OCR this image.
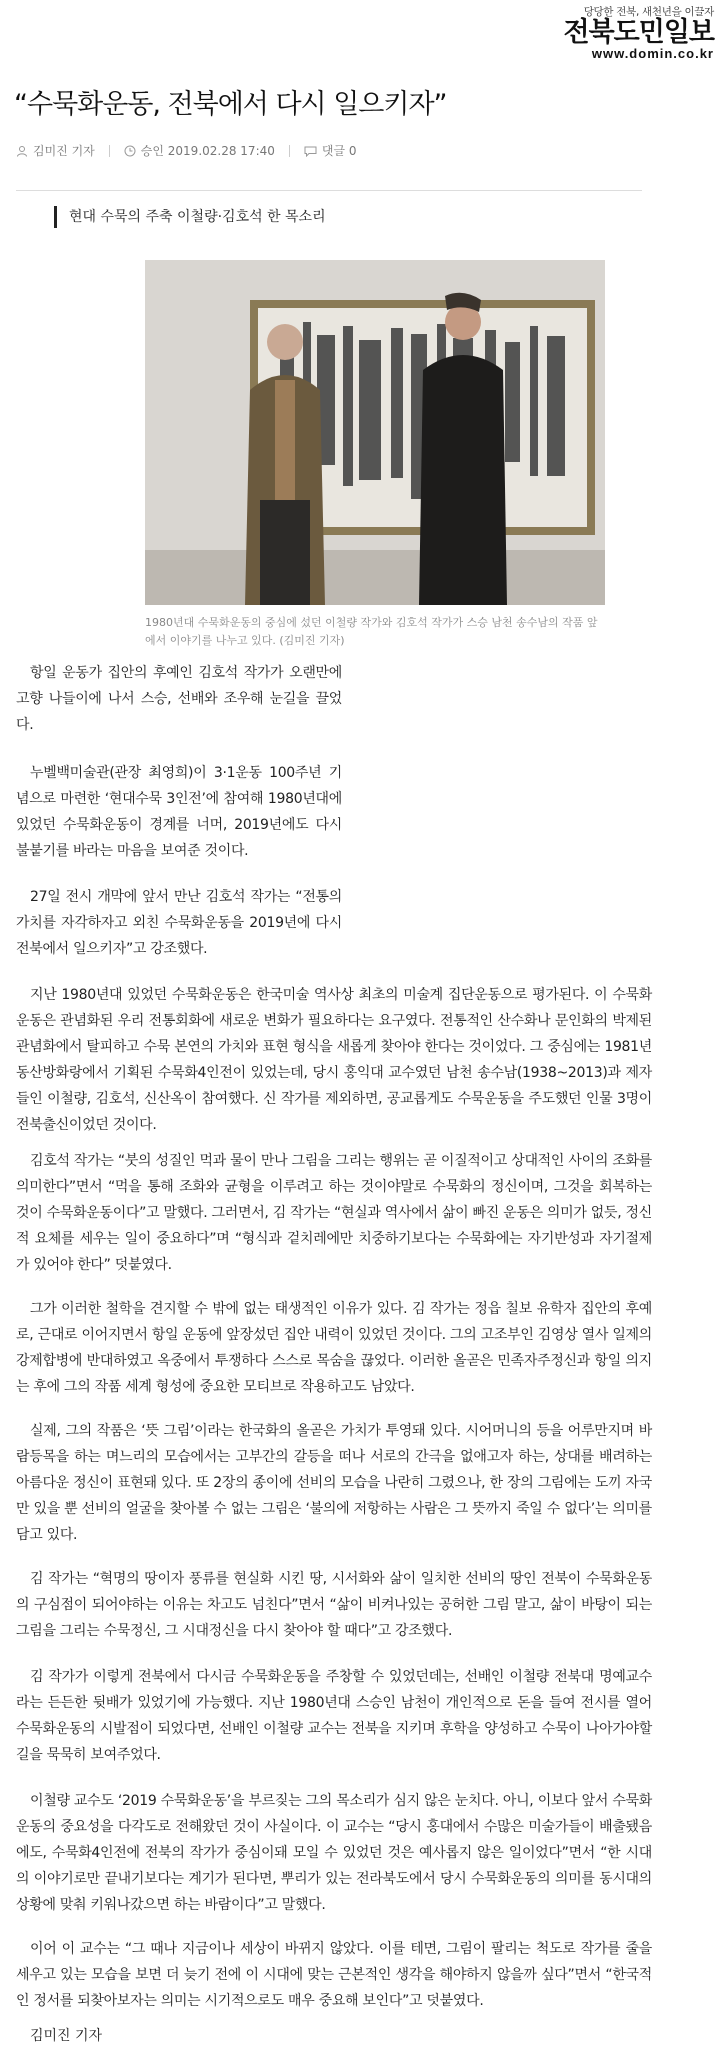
당당한 전북, 새천년을 이끌자
전북도민일보
www.domin.co.kr
“수묵화운동, 전북에서 다시 일으키자”
김미진 기자	승인 2019.02.28 17:40	댓글 0
현대 수묵의 주축 이철량·김호석 한 목소리
1980년대 수묵화운동의 중심에 섰던 이철량 작가와 김호석 작가가 스승 남천 송수남의 작품 앞에서 이야기를 나누고 있다. (김미진 기자)

항일 운동가 집안의 후예인 김호석 작가가 오랜만에 고향 나들이에 나서 스승, 선배와 조우해 눈길을 끌었다.

누벨백미술관(관장 최영희)이 3·1운동 100주년 기념으로 마련한 ‘현대수묵 3인전’에 참여해 1980년대에 있었던 수묵화운동이 경계를 너머, 2019년에도 다시 불붙기를 바라는 마음을 보여준 것이다.

27일 전시 개막에 앞서 만난 김호석 작가는 “전통의 가치를 자각하자고 외친 수묵화운동을 2019년에 다시 전북에서 일으키자”고 강조했다.

지난 1980년대 있었던 수묵화운동은 한국미술 역사상 최초의 미술계 집단운동으로 평가된다. 이 수묵화운동은 관념화된 우리 전통회화에 새로운 변화가 필요하다는 요구였다. 전통적인 산수화나 문인화의 박제된 관념화에서 탈피하고 수묵 본연의 가치와 표현 형식을 새롭게 찾아야 한다는 것이었다. 그 중심에는 1981년 동산방화랑에서 기획된 수묵화4인전이 있었는데, 당시 홍익대 교수였던 남천 송수남(1938~2013)과 제자들인 이철량, 김호석, 신산옥이 참여했다. 신 작가를 제외하면, 공교롭게도 수묵운동을 주도했던 인물 3명이 전북출신이었던 것이다.

김호석 작가는 “붓의 성질인 먹과 물이 만나 그림을 그리는 행위는 곧 이질적이고 상대적인 사이의 조화를 의미한다”면서 “먹을 통해 조화와 균형을 이루려고 하는 것이야말로 수묵화의 정신이며, 그것을 회복하는 것이 수묵화운동이다”고 말했다. 그러면서, 김 작가는 “현실과 역사에서 삶이 빠진 운동은 의미가 없듯, 정신적 요체를 세우는 일이 중요하다”며 “형식과 겉치레에만 치중하기보다는 수묵화에는 자기반성과 자기절제가 있어야 한다” 덧붙였다.

그가 이러한 철학을 견지할 수 밖에 없는 태생적인 이유가 있다. 김 작가는 정읍 칠보 유학자 집안의 후예로, 근대로 이어지면서 항일 운동에 앞장섰던 집안 내력이 있었던 것이다. 그의 고조부인 김영상 열사 일제의 강제합병에 반대하였고 옥중에서 투쟁하다 스스로 목숨을 끊었다. 이러한 올곧은 민족자주정신과 항일 의지는 후에 그의 작품 세계 형성에 중요한 모티브로 작용하고도 남았다.

실제, 그의 작품은 ‘뜻 그림’이라는 한국화의 올곧은 가치가 투영돼 있다. 시어머니의 등을 어루만지며 바람등목을 하는 며느리의 모습에서는 고부간의 갈등을 떠나 서로의 간극을 없애고자 하는, 상대를 배려하는 아름다운 정신이 표현돼 있다. 또 2장의 종이에 선비의 모습을 나란히 그렸으나, 한 장의 그림에는 도끼 자국만 있을 뿐 선비의 얼굴을 찾아볼 수 없는 그림은 ‘불의에 저항하는 사람은 그 뜻까지 죽일 수 없다’는 의미를 담고 있다.

김 작가는 “혁명의 땅이자 풍류를 현실화 시킨 땅, 시서화와 삶이 일치한 선비의 땅인 전북이 수묵화운동의 구심점이 되어야하는 이유는 차고도 넘친다”면서 “삶이 비켜나있는 공허한 그림 말고, 삶이 바탕이 되는 그림을 그리는 수묵정신, 그 시대정신을 다시 찾아야 할 때다”고 강조했다.

김 작가가 이렇게 전북에서 다시금 수묵화운동을 주창할 수 있었던데는, 선배인 이철량 전북대 명예교수라는 든든한 뒷배가 있었기에 가능했다. 지난 1980년대 스승인 남천이 개인적으로 돈을 들여 전시를 열어 수묵화운동의 시발점이 되었다면, 선배인 이철량 교수는 전북을 지키며 후학을 양성하고 수묵이 나아가야할 길을 묵묵히 보여주었다.

이철량 교수도 ‘2019 수묵화운동’을 부르짖는 그의 목소리가 심지 않은 눈치다. 아니, 이보다 앞서 수묵화운동의 중요성을 다각도로 전해왔던 것이 사실이다. 이 교수는 “당시 홍대에서 수많은 미술가들이 배출됐음에도, 수묵화4인전에 전북의 작가가 중심이돼 모일 수 있었던 것은 예사롭지 않은 일이었다”면서 “한 시대의 이야기로만 끝내기보다는 계기가 된다면, 뿌리가 있는 전라북도에서 당시 수묵화운동의 의미를 동시대의 상황에 맞춰 키워나갔으면 하는 바람이다”고 말했다.

이어 이 교수는 “그 때나 지금이나 세상이 바뀌지 않았다. 이를 테면, 그림이 팔리는 척도로 작가를 줄을 세우고 있는 모습을 보면 더 늦기 전에 이 시대에 맞는 근본적인 생각을 해야하지 않을까 싶다”면서 “한국적인 정서를 되찾아보자는 의미는 시기적으로도 매우 중요해 보인다”고 덧붙였다.

김미진 기자
